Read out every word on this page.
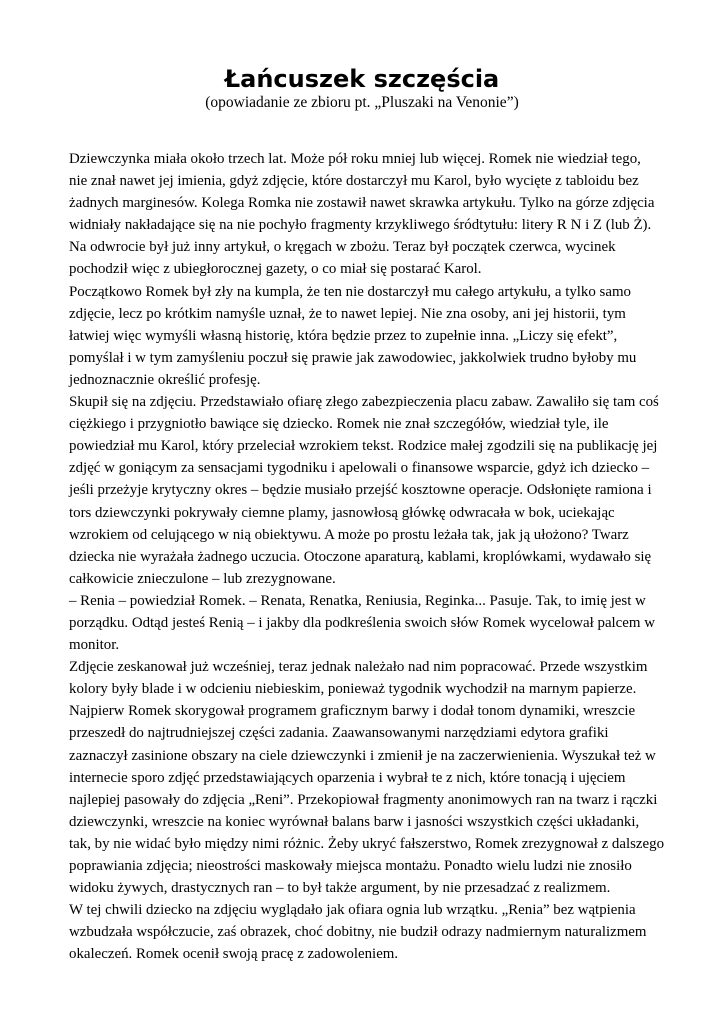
Łańcuszek szczęścia

(opowiadanie ze zbioru pt. „Pluszaki na Venonie”)

Dziewczynka miała około trzech lat. Może pół roku mniej lub więcej. Romek nie wiedział tego,
nie znał nawet jej imienia, gdyż zdjęcie, które dostarczył mu Karol, było wycięte z tabloidu bez
żadnych marginesów. Kolega Romka nie zostawił nawet skrawka artykułu. Tylko na górze zdjęcia
widniały nakładające się na nie pochyło fragmenty krzykliwego śródtytułu: litery R N i Z (lub Ż).
Na odwrocie był już inny artykuł, o kręgach w zbożu. Teraz był początek czerwca, wycinek
pochodził więc z ubiegłorocznej gazety, o co miał się postarać Karol.
Początkowo Romek był zły na kumpla, że ten nie dostarczył mu całego artykułu, a tylko samo
zdjęcie, lecz po krótkim namyśle uznał, że to nawet lepiej. Nie zna osoby, ani jej historii, tym
łatwiej więc wymyśli własną historię, która będzie przez to zupełnie inna. „Liczy się efekt”,
pomyślał i w tym zamyśleniu poczuł się prawie jak zawodowiec, jakkolwiek trudno byłoby mu
jednoznacznie określić profesję.
Skupił się na zdjęciu. Przedstawiało ofiarę złego zabezpieczenia placu zabaw. Zawaliło się tam coś
ciężkiego i przygniotło bawiące się dziecko. Romek nie znał szczegółów, wiedział tyle, ile
powiedział mu Karol, który przeleciał wzrokiem tekst. Rodzice małej zgodzili się na publikację jej
zdjęć w goniącym za sensacjami tygodniku i apelowali o finansowe wsparcie, gdyż ich dziecko –
jeśli przeżyje krytyczny okres – będzie musiało przejść kosztowne operacje. Odsłonięte ramiona i
tors dziewczynki pokrywały ciemne plamy, jasnowłosą główkę odwracała w bok, uciekając
wzrokiem od celującego w nią obiektywu. A może po prostu leżała tak, jak ją ułożono? Twarz
dziecka nie wyrażała żadnego uczucia. Otoczone aparaturą, kablami, kroplówkami, wydawało się
całkowicie znieczulone – lub zrezygnowane.
– Renia – powiedział Romek. – Renata, Renatka, Reniusia, Reginka... Pasuje. Tak, to imię jest w
porządku. Odtąd jesteś Renią – i jakby dla podkreślenia swoich słów Romek wycelował palcem w
monitor.
Zdjęcie zeskanował już wcześniej, teraz jednak należało nad nim popracować. Przede wszystkim
kolory były blade i w odcieniu niebieskim, ponieważ tygodnik wychodził na marnym papierze.
Najpierw Romek skorygował programem graficznym barwy i dodał tonom dynamiki, wreszcie
przeszedł do najtrudniejszej części zadania. Zaawansowanymi narzędziami edytora grafiki
zaznaczył zasinione obszary na ciele dziewczynki i zmienił je na zaczerwienienia. Wyszukał też w
internecie sporo zdjęć przedstawiających oparzenia i wybrał te z nich, które tonacją i ujęciem
najlepiej pasowały do zdjęcia „Reni”. Przekopiował fragmenty anonimowych ran na twarz i rączki
dziewczynki, wreszcie na koniec wyrównał balans barw i jasności wszystkich części układanki,
tak, by nie widać było między nimi różnic. Żeby ukryć fałszerstwo, Romek zrezygnował z dalszego
poprawiania zdjęcia; nieostrości maskowały miejsca montażu. Ponadto wielu ludzi nie znosiło
widoku żywych, drastycznych ran – to był także argument, by nie przesadzać z realizmem.
W tej chwili dziecko na zdjęciu wyglądało jak ofiara ognia lub wrzątku. „Renia” bez wątpienia
wzbudzała współczucie, zaś obrazek, choć dobitny, nie budził odrazy nadmiernym naturalizmem
okaleczeń. Romek ocenił swoją pracę z zadowoleniem.
